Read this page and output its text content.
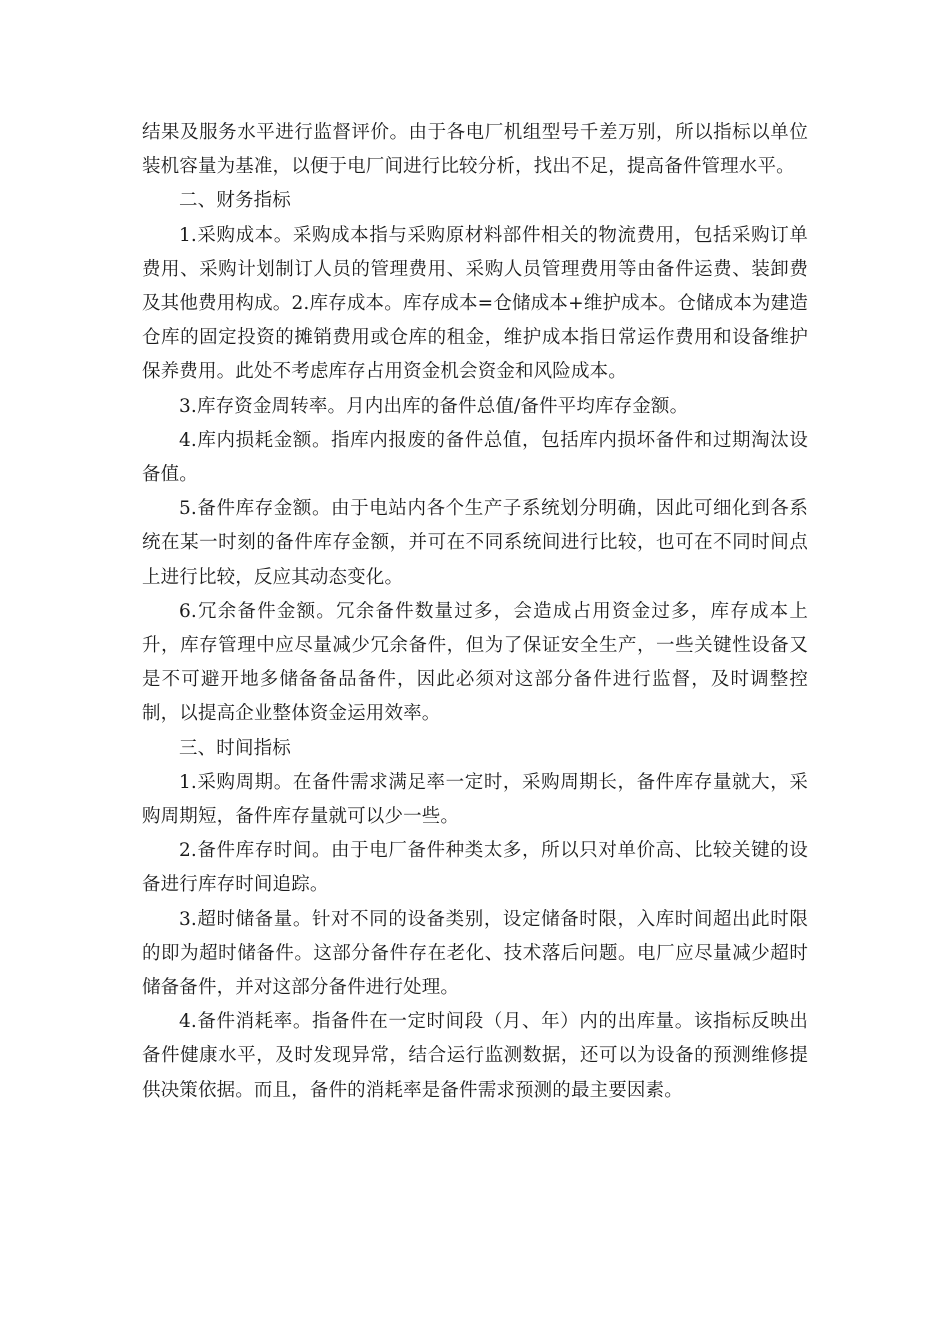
结果及服务水平进行监督评价。由于各电厂机组型号千差万别，所以指标以单位装机容量为基准，以便于电厂间进行比较分析，找出不足，提高备件管理水平。

二、财务指标

1.采购成本。采购成本指与采购原材料部件相关的物流费用，包括采购订单费用、采购计划制订人员的管理费用、采购人员管理费用等由备件运费、装卸费及其他费用构成。2.库存成本。库存成本=仓储成本+维护成本。仓储成本为建造仓库的固定投资的摊销费用或仓库的租金，维护成本指日常运作费用和设备维护保养费用。此处不考虑库存占用资金机会资金和风险成本。

3.库存资金周转率。月内出库的备件总值/备件平均库存金额。

4.库内损耗金额。指库内报废的备件总值，包括库内损坏备件和过期淘汰设备值。

5.备件库存金额。由于电站内各个生产子系统划分明确，因此可细化到各系统在某一时刻的备件库存金额，并可在不同系统间进行比较，也可在不同时间点上进行比较，反应其动态变化。

6.冗余备件金额。冗余备件数量过多，会造成占用资金过多，库存成本上升，库存管理中应尽量减少冗余备件，但为了保证安全生产，一些关键性设备又是不可避开地多储备备品备件，因此必须对这部分备件进行监督，及时调整控制，以提高企业整体资金运用效率。

三、时间指标

1.采购周期。在备件需求满足率一定时，采购周期长，备件库存量就大，采购周期短，备件库存量就可以少一些。

2.备件库存时间。由于电厂备件种类太多，所以只对单价高、比较关键的设备进行库存时间追踪。

3.超时储备量。针对不同的设备类别，设定储备时限，入库时间超出此时限的即为超时储备件。这部分备件存在老化、技术落后问题。电厂应尽量减少超时储备备件，并对这部分备件进行处理。

4.备件消耗率。指备件在一定时间段（月、年）内的出库量。该指标反映出备件健康水平，及时发现异常，结合运行监测数据，还可以为设备的预测维修提供决策依据。而且，备件的消耗率是备件需求预测的最主要因素。
